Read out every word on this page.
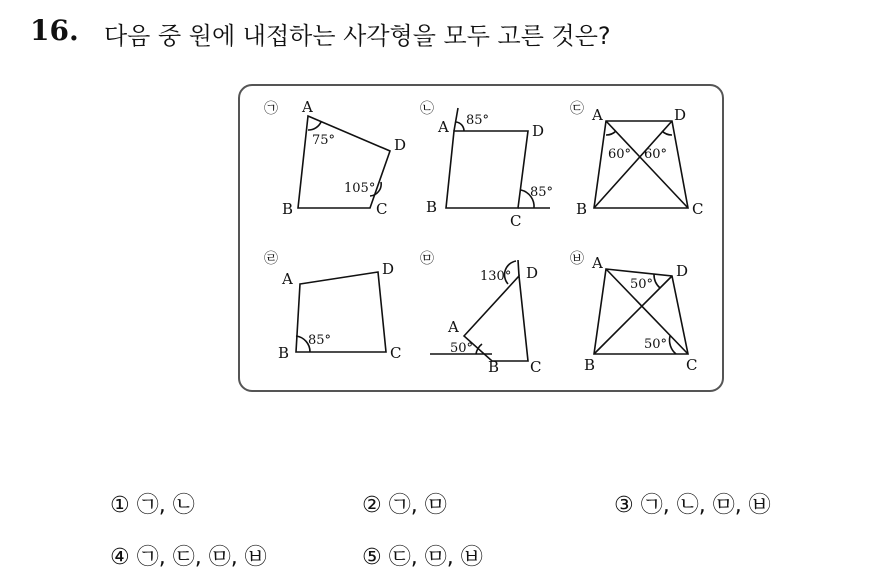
16. 다음 중 원에 내접하는 사각형을 모두 고른 것은?
A
B	C
D
75°
105°
A
B
C
D
85°
85°
A
B	C
D
60° 60°
A
B	C
D
85°
A
B C
D
130°
50°
A
B	C
D
50°
50°
㉠	㉡	㉢
㉣	㉤	㉥
① ㉠, ㉡	② ㉠, ㉤	③ ㉠, ㉡, ㉤, ㉥
④ ㉠, ㉢, ㉤, ㉥	⑤ ㉢, ㉤, ㉥
